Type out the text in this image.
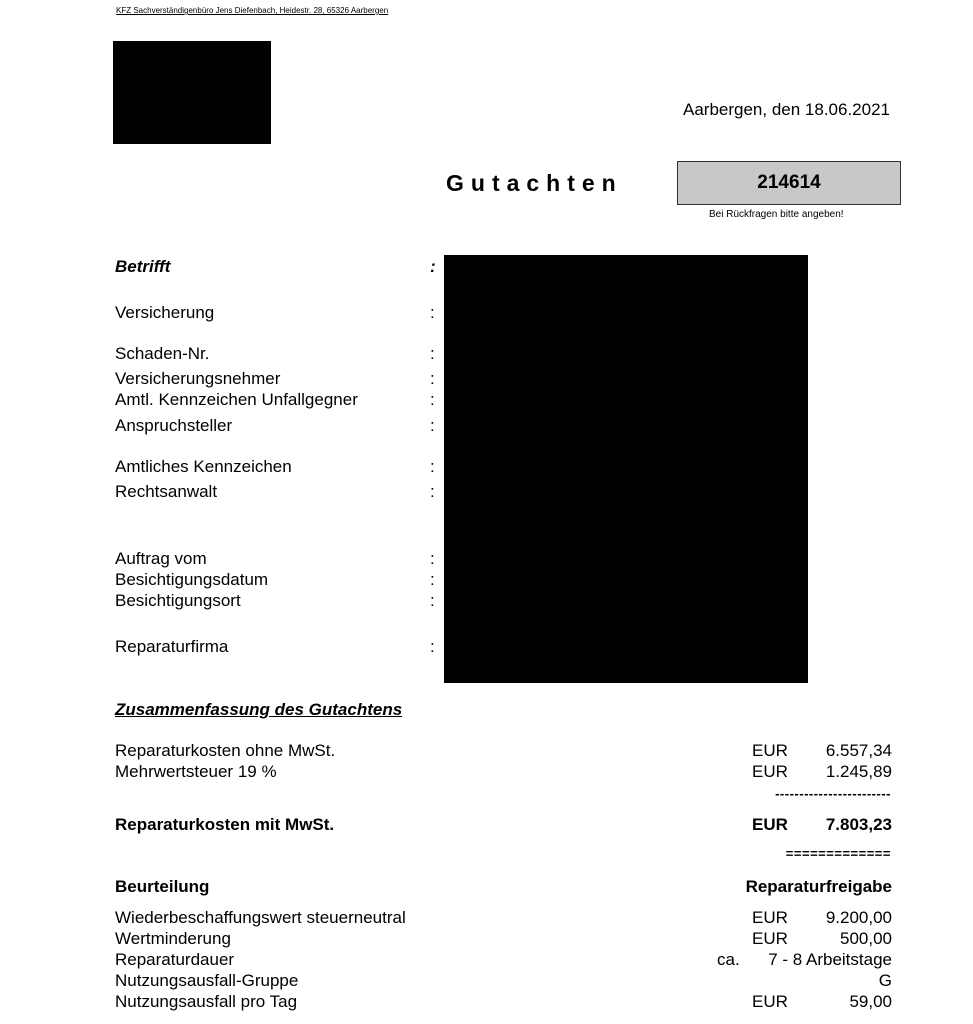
KFZ Sachverständigenbüro Jens Diefenbach, Heidestr. 28, 65326 Aarbergen
Aarbergen, den 18.06.2021
Gutachten	214614
Bei Rückfragen bitte angeben!
Betrifft	:
Versicherung	:
Schaden-Nr.	:
Versicherungsnehmer	:
Amtl. Kennzeichen Unfallgegner	:
Anspruchsteller	:
Amtliches Kennzeichen	:
Rechtsanwalt	:
Auftrag vom	:
Besichtigungsdatum	:
Besichtigungsort	:
Reparaturfirma	:
Zusammenfassung des Gutachtens
Reparaturkosten ohne MwSt.	EUR 6.557,34
Mehrwertsteuer 19 %	EUR 1.245,89
------------------------
Reparaturkosten mit MwSt.	EUR 7.803,23
=============
Beurteilung	Reparaturfreigabe
Wiederbeschaffungswert steuerneutral	EUR 9.200,00
Wertminderung	EUR	500,00
Reparaturdauer	ca. 7 - 8 Arbeitstage
Nutzungsausfall-Gruppe	G
Nutzungsausfall pro Tag	EUR	59,00
